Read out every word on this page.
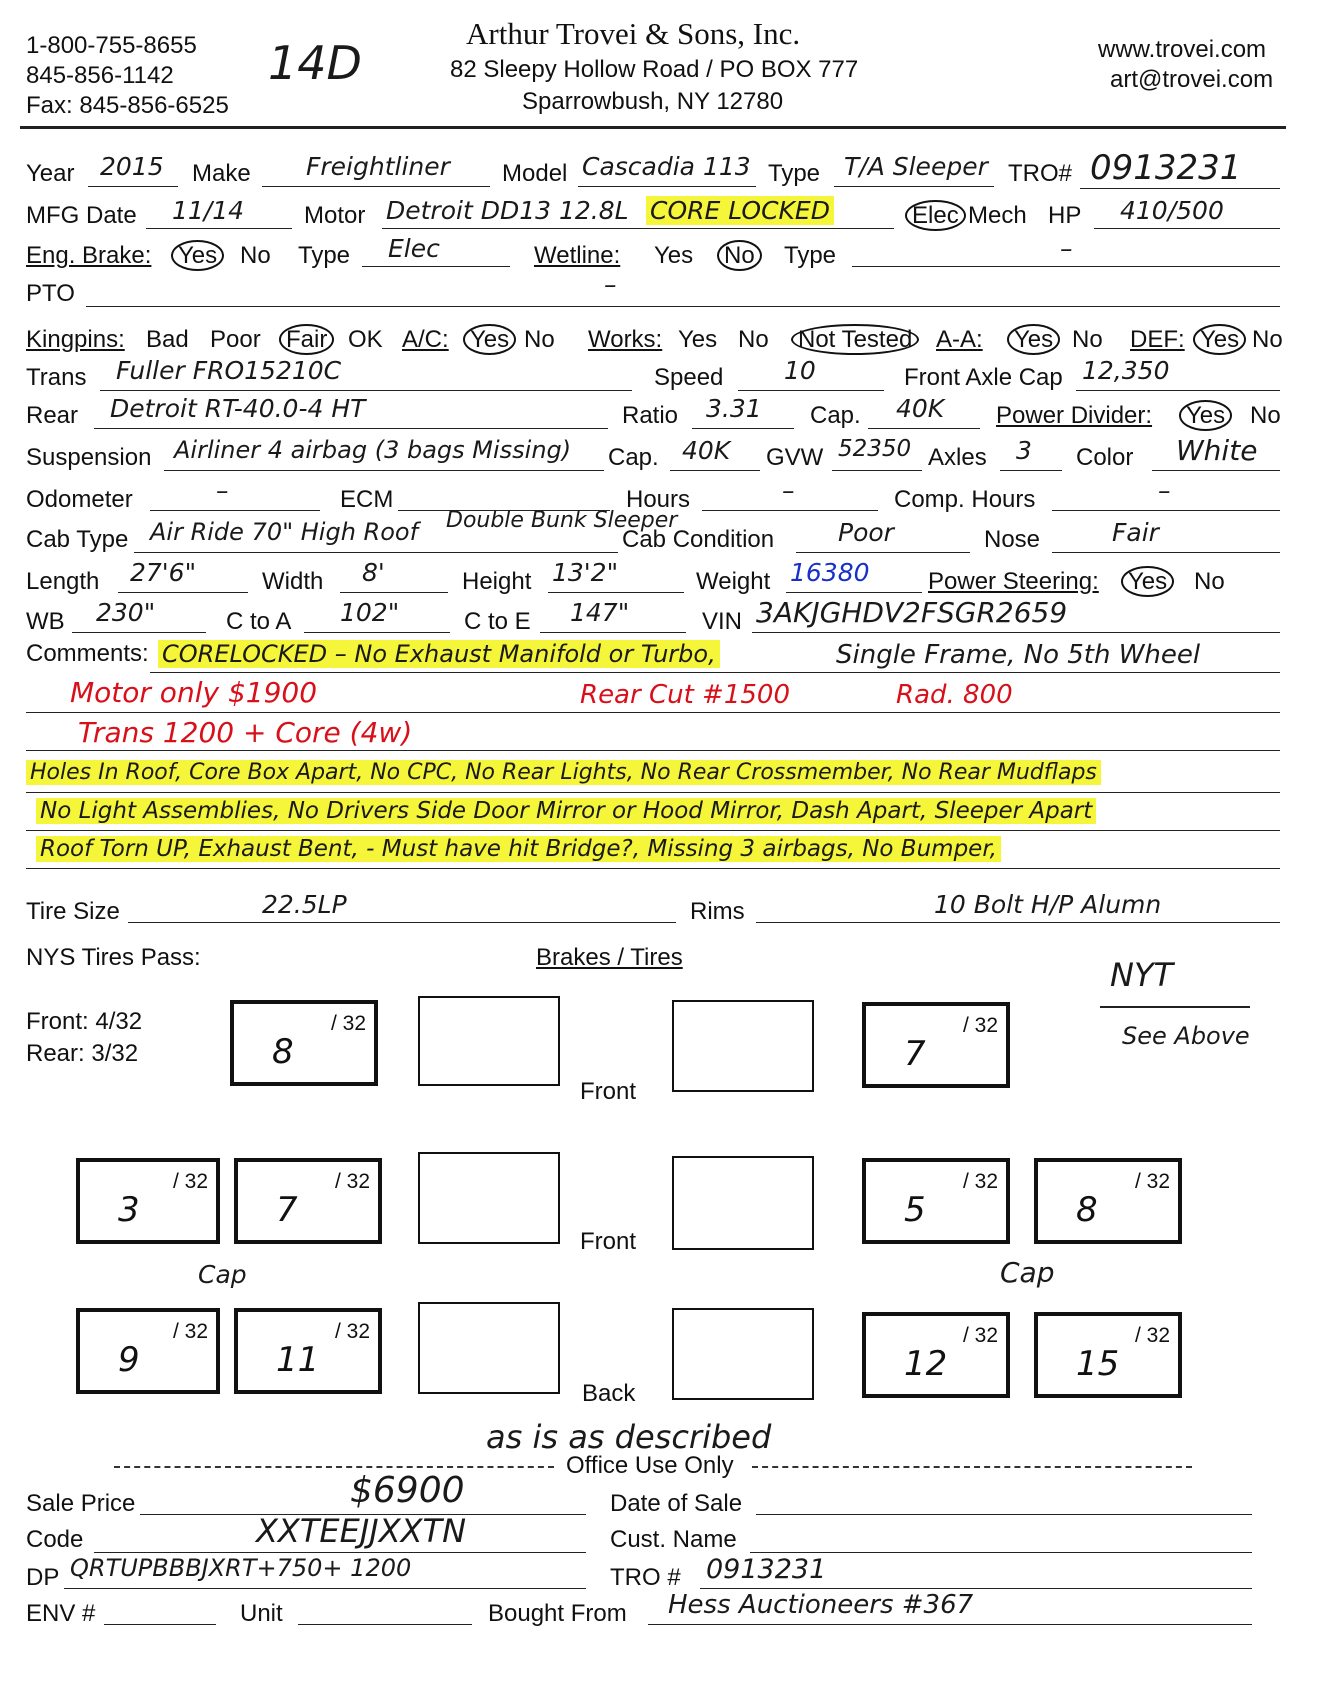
1-800-755-8655
845-856-1142
Fax: 845-856-6525
14D
Arthur Trovei & Sons, Inc.
82 Sleepy Hollow Road / PO BOX 777
Sparrowbush, NY 12780
www.trovei.com
art@trovei.com
Year 2015 Make Freightliner Model Cascadia 113 Type T/A Sleeper TRO# 0913231
MFG Date 11/14 Motor Detroit DD13 12.8L CORE LOCKED	Elec Mech HP 410/500
Eng. Brake: Yes No Type Elec	Wetline: Yes No Type	–
PTO	–
Kingpins: Bad Poor Fair OK A/C: Yes No Works: Yes No Not Tested A-A: Yes No DEF: Yes No
Trans Fuller FRO15210C	Speed 10	Front Axle Cap 12,350
Rear Detroit RT-40.0-4 HT	Ratio 3.31 Cap. 40K Power Divider: Yes No
Suspension Airliner 4 airbag (3 bags Missing) Cap. 40K GVW 52350 Axles 3 Color White
Odometer	–	ECM	Hours	–	Comp. Hours	–
Cab Type Air Ride 70" High Roof Double Bunk Sleeper
Cab Condition	Poor	Nose	Fair
Length 27'6"	Width 8'	Height 13'2"	Weight 16380 Power Steering: Yes No
WB 230"	C to A 102"	C to E 147"	VIN 3AKJGHDV2FSGR2659
Comments: CORELOCKED – No Exhaust Manifold or Turbo,	Single Frame, No 5th Wheel
Motor only $1900	Rear Cut #1500	Rad. 800
Trans 1200 + Core (4w)
Holes In Roof, Core Box Apart, No CPC, No Rear Lights, No Rear Crossmember, No Rear Mudflaps
No Light Assemblies, No Drivers Side Door Mirror or Hood Mirror, Dash Apart, Sleeper Apart
Roof Torn UP, Exhaust Bent, - Must have hit Bridge?, Missing 3 airbags, No Bumper,
Tire Size	22.5LP	Rims	10 Bolt H/P Alumn
NYS Tires Pass:	Brakes / Tires
Front: 4/32
Rear: 3/32
NYT
See Above
/ 32
8
Front
/ 32
7
/ 32
3
/ 32
7
Front
/ 32
5
/ 32
8
Cap	Cap
/ 32
9
/ 32
11
Back
/ 32
12
/ 32
15
as is as described
Office Use Only
Sale Price	$6900	Date of Sale
Code	XXTEEJJXXTN	Cust. Name
DP QRTUPBBBJXRT+750+ 1200	TRO # 0913231
ENV #	Unit	Bought From Hess Auctioneers #367
